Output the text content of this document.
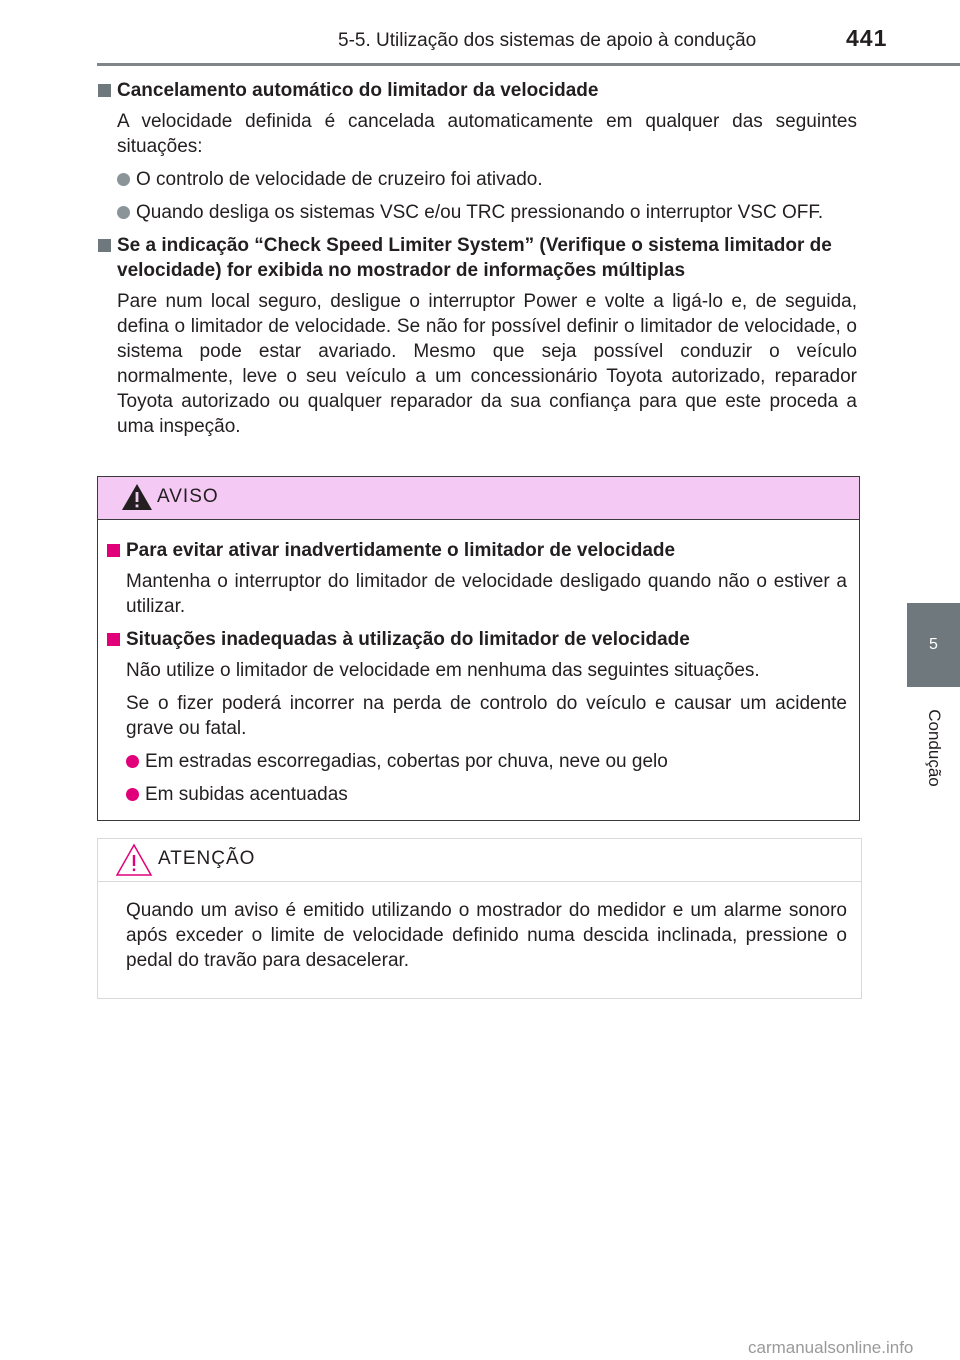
5-5. Utilização dos sistemas de apoio à condução	441
5
Condução
Cancelamento automático do limitador da velocidade
A velocidade definida é cancelada automaticamente em qualquer das seguintes situações:
O controlo de velocidade de cruzeiro foi ativado.
Quando desliga os sistemas VSC e/ou TRC pressionando o interruptor VSC OFF.
Se a indicação “Check Speed Limiter System” (Verifique o sistema limitador de velocidade) for exibida no mostrador de informações múltiplas
Pare num local seguro, desligue o interruptor Power e volte a ligá-lo e, de seguida, defina o limitador de velocidade. Se não for possível definir o limitador de velocidade, o sistema pode estar avariado. Mesmo que seja possível conduzir o veículo normalmente, leve o seu veículo a um concessionário Toyota autorizado, reparador Toyota autorizado ou qualquer reparador da sua confiança para que este proceda a uma inspeção.
AVISO
Para evitar ativar inadvertidamente o limitador de velocidade
Mantenha o interruptor do limitador de velocidade desligado quando não o estiver a utilizar.
Situações inadequadas à utilização do limitador de velocidade
Não utilize o limitador de velocidade em nenhuma das seguintes situações.
Se o fizer poderá incorrer na perda de controlo do veículo e causar um acidente grave ou fatal.
Em estradas escorregadias, cobertas por chuva, neve ou gelo
Em subidas acentuadas
ATENÇÃO
Quando um aviso é emitido utilizando o mostrador do medidor e um alarme sonoro após exceder o limite de velocidade definido numa descida inclinada, pressione o pedal do travão para desacelerar.
carmanualsonline.info
